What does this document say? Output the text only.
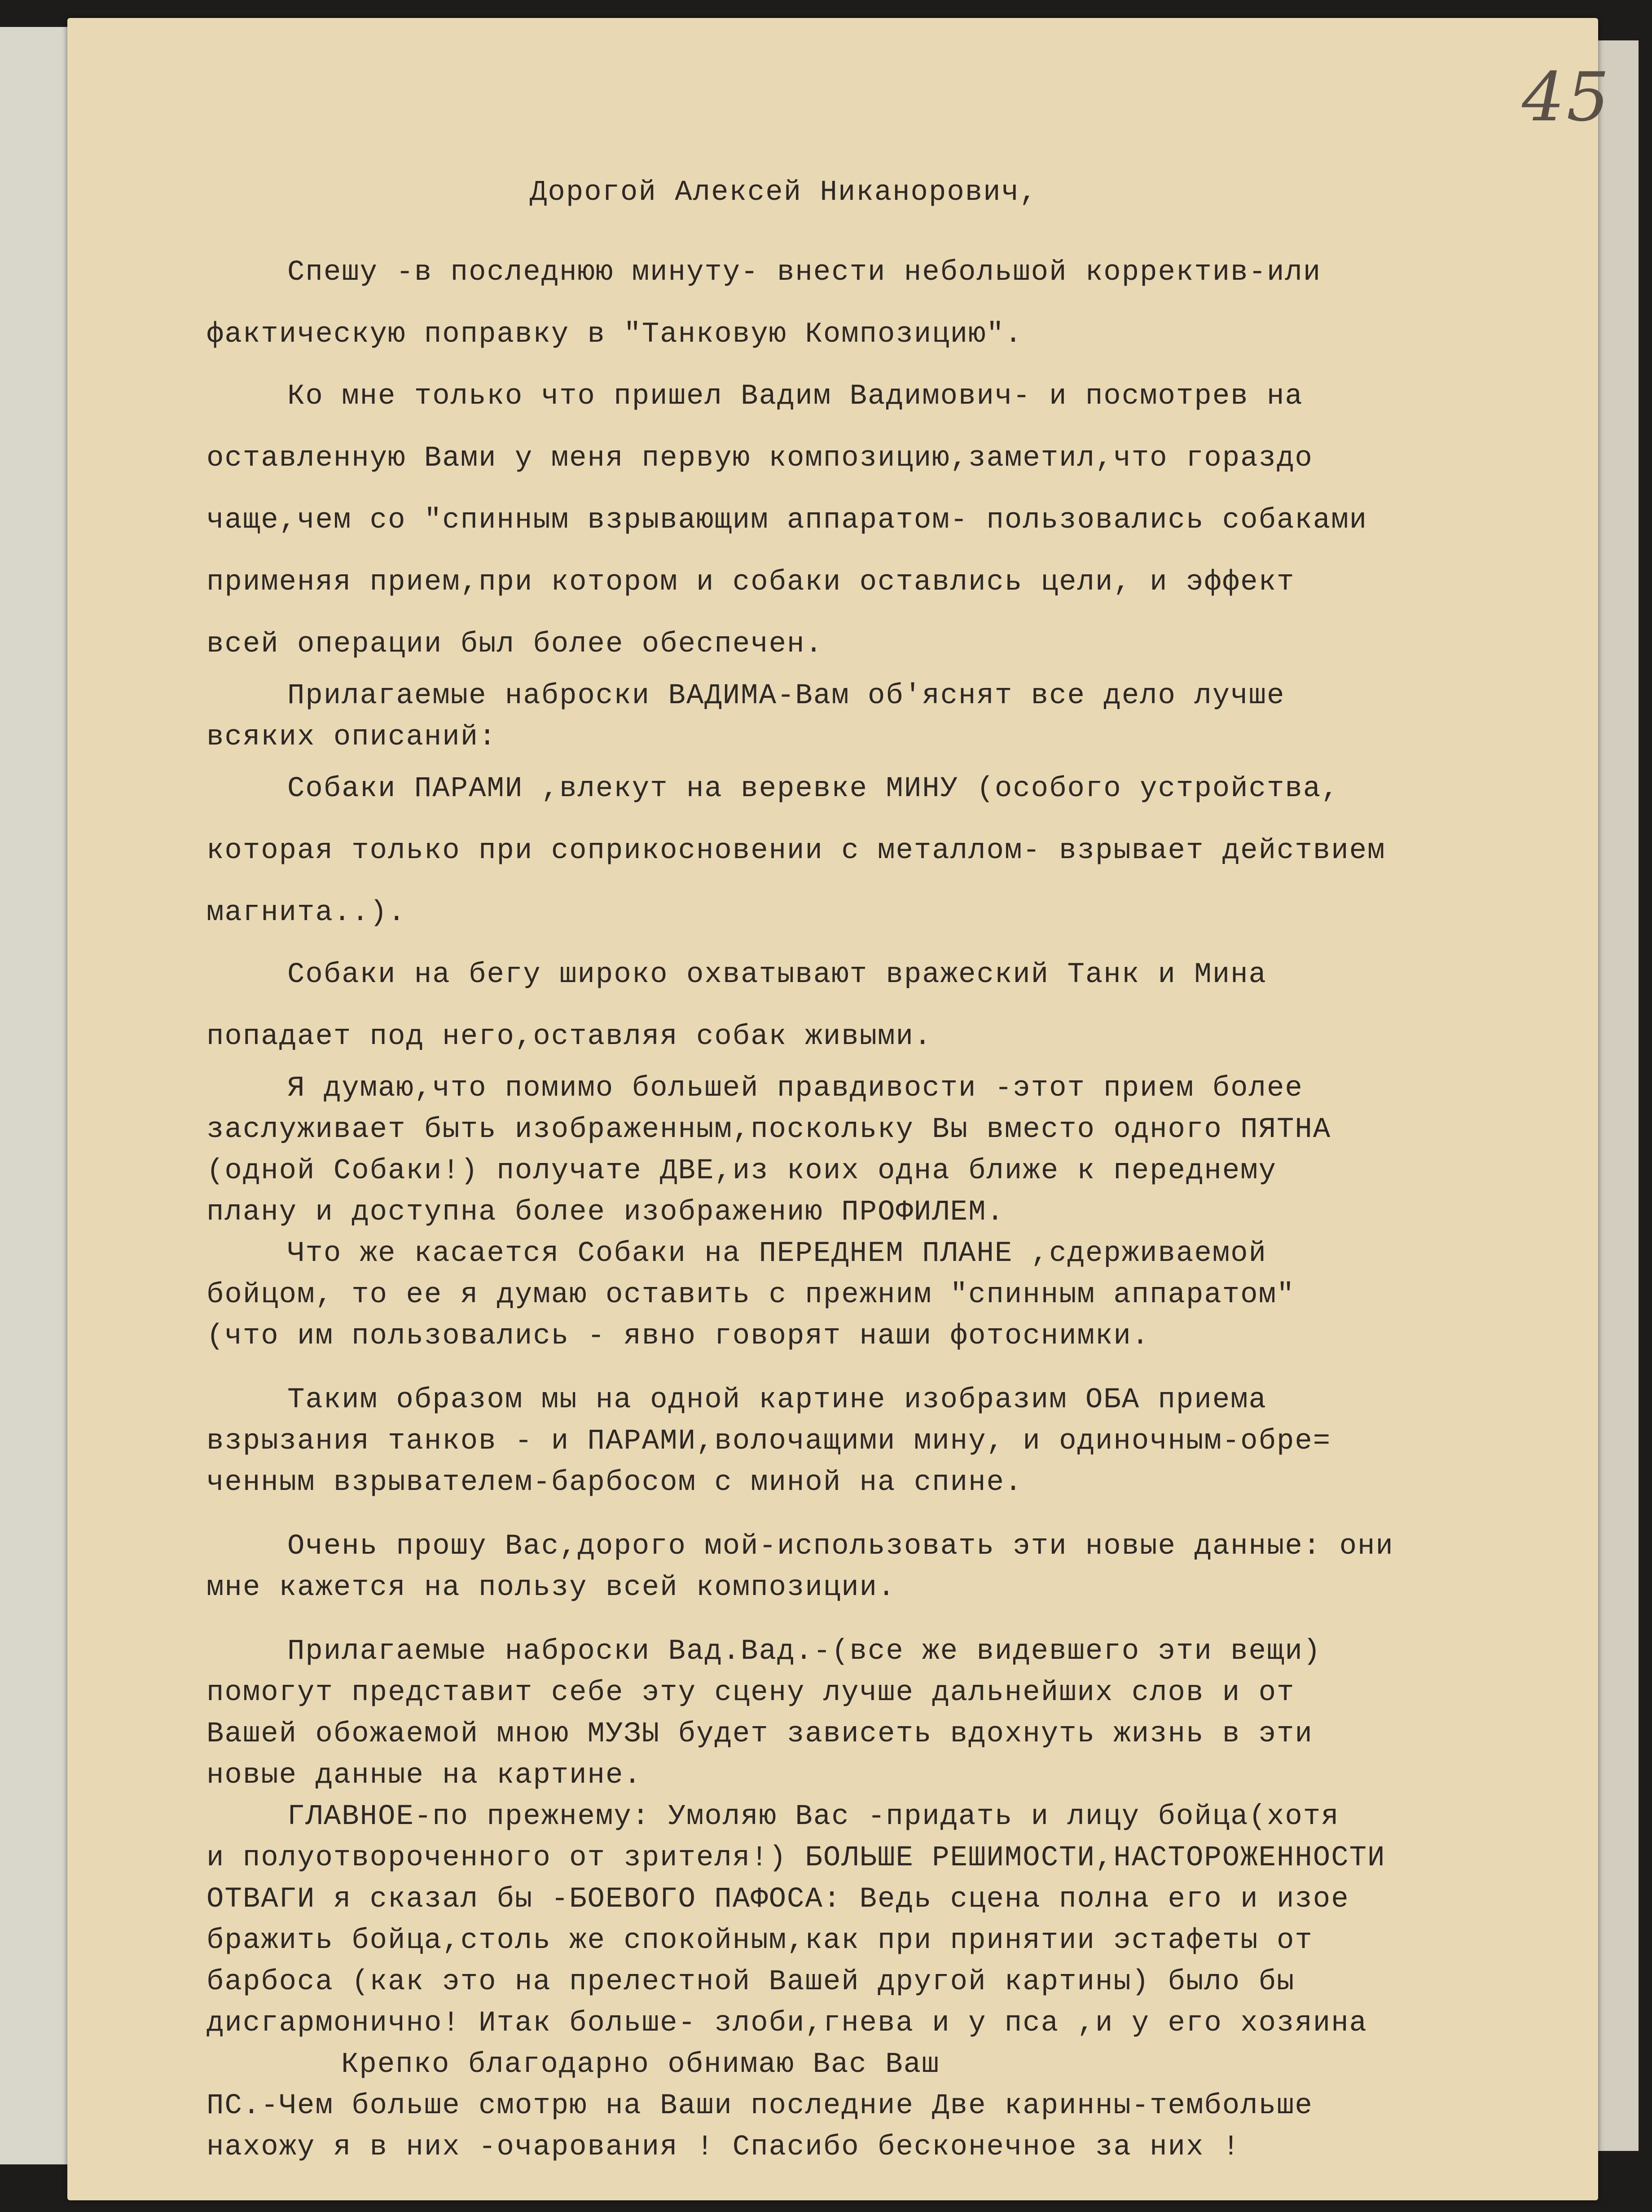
45
Дорогой Алексей Никанорович,
Спешу -в последнюю минуту- внести небольшой корректив-или
фактическую поправку в "Танковую Композицию".
Ко мне только что пришел Вадим Вадимович- и посмотрев на
оставленную Вами у меня первую композицию,заметил,что гораздо
чаще,чем со "спинным взрывающим аппаратом- пользовались собаками
применяя прием,при котором и собаки оставлись цели, и эффект
всей операции был более обеспечен.
Прилагаемые наброски ВАДИМА-Вам об'яснят все дело лучше
всяких описаний:
Собаки ПАРАМИ ,влекут на веревке МИНУ (особого устройства,
которая только при соприкосновении с металлом- взрывает действием
магнита..).
Собаки на бегу широко охватывают вражеский Танк и Мина
попадает под него,оставляя собак живыми.
Я думаю,что помимо большей правдивости -этот прием более
заслуживает быть изображенным,поскольку Вы вместо одного ПЯТНА
(одной Собаки!) получате ДВЕ,из коих одна ближе к переднему
плану и доступна более изображению ПРОФИЛЕМ.
Что же касается Собаки на ПЕРЕДНЕМ ПЛАНЕ ,сдерживаемой
бойцом, то ее я думаю оставить с прежним "спинным аппаратом"
(что им пользовались - явно говорят наши фотоснимки.
Таким образом мы на одной картине изобразим ОБА приема
взрызания танков - и ПАРАМИ,волочащими мину, и одиночным-обре=
ченным взрывателем-барбосом с миной на спине.
Очень прошу Вас,дорого мой-использовать эти новые данные: они
мне кажется на пользу всей композиции.
Прилагаемые наброски Вад.Вад.-(все же видевшего эти вещи)
помогут представит себе эту сцену лучше дальнейших слов и от
Вашей обожаемой мною МУЗЫ будет зависеть вдохнуть жизнь в эти
новые данные на картине.
ГЛАВНОЕ-по прежнему: Умоляю Вас -придать и лицу бойца(хотя
и полуотвороченного от зрителя!) БОЛЬШЕ РЕШИМОСТИ,НАСТОРОЖЕННОСТИ
ОТВАГИ я сказал бы -БОЕВОГО ПАФОСА: Ведь сцена полна его и изое
бражить бойца,столь же спокойным,как при принятии эстафеты от
барбоса (как это на прелестной Вашей другой картины) было бы
дисгармонично! Итак больше- злоби,гнева и у пса ,и у его хозяина
Крепко благодарно обнимаю Вас Ваш
ПС.-Чем больше смотрю на Ваши последние Две каринны-тембольше
нахожу я в них -очарования ! Спасибо бесконечное за них !
